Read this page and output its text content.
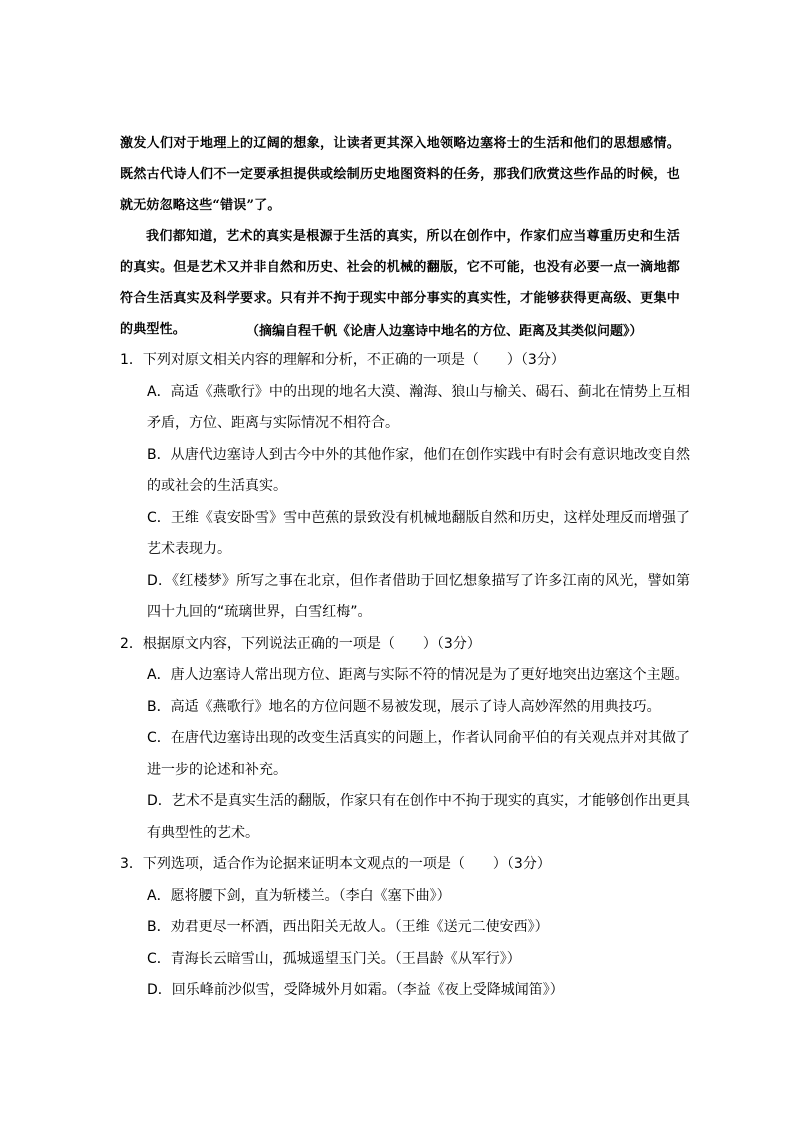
激发人们对于地理上的辽阔的想象，让读者更其深入地领略边塞将士的生活和他们的思想感情。既然古代诗人们不一定要承担提供或绘制历史地图资料的任务，那我们欣赏这些作品的时候，也就无妨忽略这些“错误”了。

我们都知道，艺术的真实是根源于生活的真实，所以在创作中，作家们应当尊重历史和生活的真实。但是艺术又并非自然和历史、社会的机械的翻版，它不可能，也没有必要一点一滴地都符合生活真实及科学要求。只有并不拘于现实中部分事实的真实性，才能够获得更高级、更集中的典型性。	（摘编自程千帆《论唐人边塞诗中地名的方位、距离及其类似问题》）

1．下列对原文相关内容的理解和分析，不正确的一项是（　　）（3分）

A．高适《燕歌行》中的出现的地名大漠、瀚海、狼山与榆关、碣石、蓟北在情势上互相矛盾，方位、距离与实际情况不相符合。

B．从唐代边塞诗人到古今中外的其他作家，他们在创作实践中有时会有意识地改变自然的或社会的生活真实。

C．王维《袁安卧雪》雪中芭蕉的景致没有机械地翻版自然和历史，这样处理反而增强了艺术表现力。

D．《红楼梦》所写之事在北京，但作者借助于回忆想象描写了许多江南的风光，譬如第四十九回的“琉璃世界，白雪红梅”。

2．根据原文内容，下列说法正确的一项是（　　）（3分）

A．唐人边塞诗人常出现方位、距离与实际不符的情况是为了更好地突出边塞这个主题。

B．高适《燕歌行》地名的方位问题不易被发现，展示了诗人高妙浑然的用典技巧。

C．在唐代边塞诗出现的改变生活真实的问题上，作者认同俞平伯的有关观点并对其做了进一步的论述和补充。

D．艺术不是真实生活的翻版，作家只有在创作中不拘于现实的真实，才能够创作出更具有典型性的艺术。

3．下列选项，适合作为论据来证明本文观点的一项是（　　）（3分）

A．愿将腰下剑，直为斩楼兰。（李白《塞下曲》）

B．劝君更尽一杯酒，西出阳关无故人。（王维《送元二使安西》）

C．青海长云暗雪山，孤城遥望玉门关。（王昌龄《从军行》）

D．回乐峰前沙似雪，受降城外月如霜。（李益《夜上受降城闻笛》）
